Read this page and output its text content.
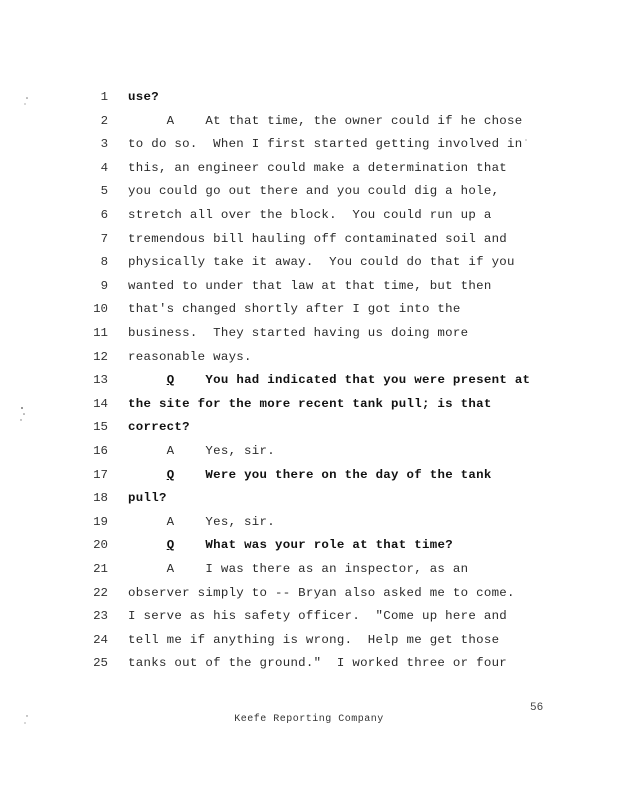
1 use?
2 A    At that time, the owner could if he chose
3 to do so.  When I first started getting involved in
4 this, an engineer could make a determination that
5 you could go out there and you could dig a hole,
6 stretch all over the block.  You could run up a
7 tremendous bill hauling off contaminated soil and
8 physically take it away.  You could do that if you
9 wanted to under that law at that time, but then
10 that's changed shortly after I got into the
11 business.  They started having us doing more
12 reasonable ways.
13	Q You had indicated that you were present at
14 the site for the more recent tank pull; is that
15 correct?
16 A    Yes, sir.
17	Q Were you there on the day of the tank
18 pull?
19 A    Yes, sir.
20	Q What was your role at that time?
21 A    I was there as an inspector, as an
22 observer simply to -- Bryan also asked me to come.
23 I serve as his safety officer.  "Come up here and
24 tell me if anything is wrong.  Help me get those
25 tanks out of the ground."  I worked three or four
56
Keefe Reporting Company
